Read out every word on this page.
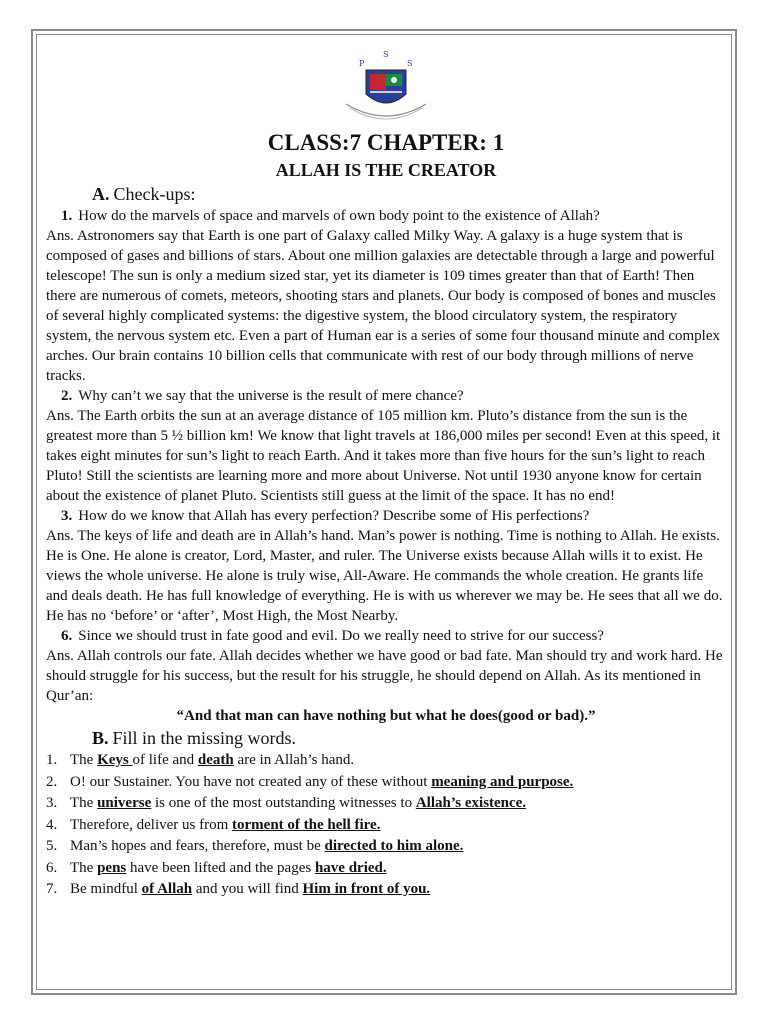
P
S
S
CLASS:7 CHAPTER: 1
ALLAH IS THE CREATOR
A. Check-ups:
1. How do the marvels of space and marvels of own body point to the existence of Allah?
Ans. Astronomers say that Earth is one part of Galaxy called Milky Way. A galaxy is a huge system that is composed of gases and billions of stars. About one million galaxies are detectable through a large and powerful telescope! The sun is only a medium sized star, yet its diameter is 109 times greater than that of Earth! Then there are numerous of comets, meteors, shooting stars and planets. Our body is composed of bones and muscles of several highly complicated systems: the digestive system, the blood circulatory system, the respiratory system, the nervous system etc. Even a part of Human ear is a series of some four thousand minute and complex arches. Our brain contains 10 billion cells that communicate with rest of our body through millions of nerve tracks.
2. Why can’t we say that the universe is the result of mere chance?
Ans. The Earth orbits the sun at an average distance of 105 million km. Pluto’s distance from the sun is the greatest more than 5 ½ billion km! We know that light travels at 186,000 miles per second! Even at this speed, it takes eight minutes for sun’s light to reach Earth. And it takes more than five hours for the sun’s light to reach Pluto! Still the scientists are learning more and more about Universe. Not until 1930 anyone know for certain about the existence of planet Pluto. Scientists still guess at the limit of the space. It has no end!
3. How do we know that Allah has every perfection? Describe some of His perfections?
Ans. The keys of life and death are in Allah’s hand. Man’s power is nothing. Time is nothing to Allah. He exists. He is One. He alone is creator, Lord, Master, and ruler. The Universe exists because Allah wills it to exist. He views the whole universe. He alone is truly wise, All-Aware. He commands the whole creation. He grants life and deals death. He has full knowledge of everything. He is with us wherever we may be. He sees that all we do. He has no ‘before’ or ‘after’, Most High, the Most Nearby.
6. Since we should trust in fate good and evil. Do we really need to strive for our success?
Ans. Allah controls our fate. Allah decides whether we have good or bad fate. Man should try and work hard. He should struggle for his success, but the result for his struggle, he should depend on Allah. As its mentioned in Qur’an:
“And that man can have nothing but what he does(good or bad).”
B. Fill in the missing words.
1. The Keys of life and death are in Allah’s hand.
2. O! our Sustainer. You have not created any of these without meaning and purpose.
3. The universe is one of the most outstanding witnesses to Allah’s existence.
4. Therefore, deliver us from torment of the hell fire.
5. Man’s hopes and fears, therefore, must be directed to him alone.
6. The pens have been lifted and the pages have dried.
7. Be mindful of Allah and you will find Him in front of you.
